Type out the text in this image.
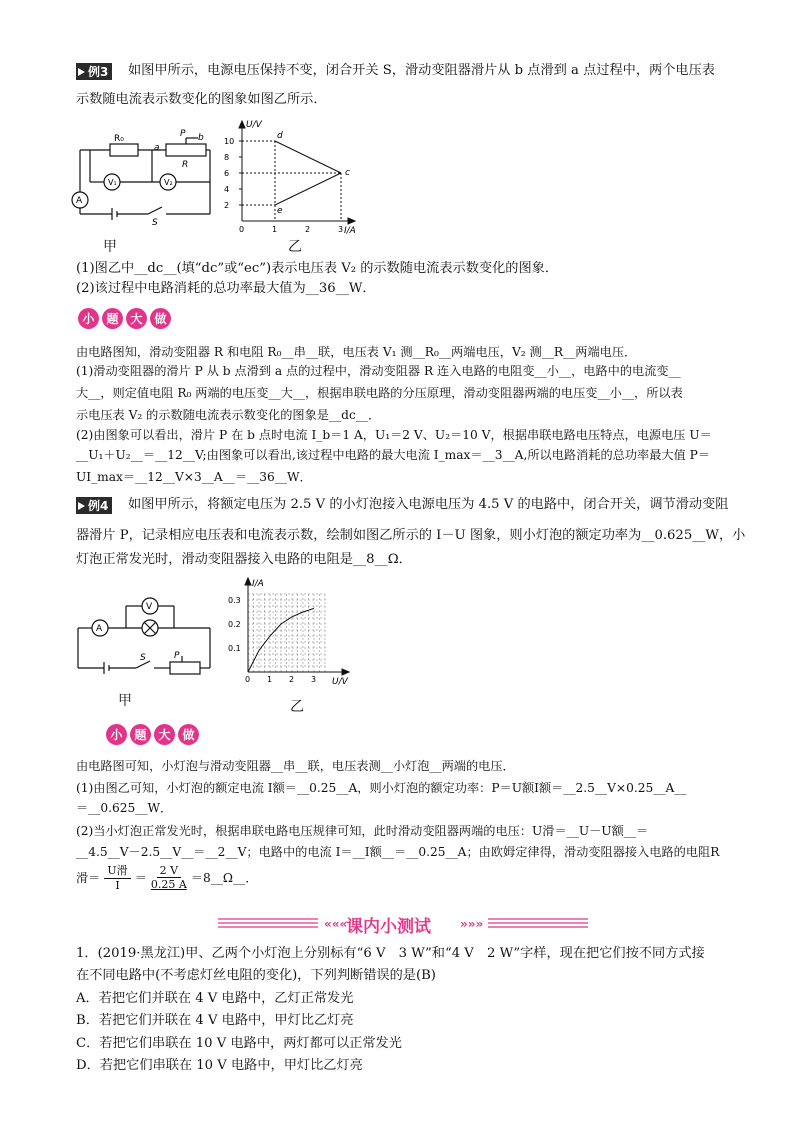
例3 如图甲所示，电源电压保持不变，闭合开关 S，滑动变阻器滑片从 b 点滑到 a 点过程中，两个电压表
示数随电流表示数变化的图象如图乙所示．
R₀
a
P b
R
V₁	V₂
A
S
甲
10
8
6
4
2
0	1	2	3
d
c
e
U/V
I/A
乙
(1)图乙中__dc__(填“dc”或“ec”)表示电压表 V₂ 的示数随电流表示数变化的图象．
(2)该过程中电路消耗的总功率最大值为__36__W．
小 题 大 做
由电路图知，滑动变阻器 R 和电阻 R₀__串__联，电压表 V₁ 测__R₀__两端电压，V₂ 测__R__两端电压．
(1)滑动变阻器的滑片 P 从 b 点滑到 a 点的过程中，滑动变阻器 R 连入电路的电阻变__小__，电路中的电流变__
大__，则定值电阻 R₀ 两端的电压变__大__，根据串联电路的分压原理，滑动变阻器两端的电压变__小__，所以表
示电压表 V₂ 的示数随电流表示数变化的图象是__dc__．
(2)由图象可以看出，滑片 P 在 b 点时电流 I_b＝1 A，U₁＝2 V、U₂＝10 V，根据串联电路电压特点，电源电压 U＝
__U₁＋U₂__＝__12__V;由图象可以看出,该过程中电路的最大电流 I_max＝__3__A,所以电路消耗的总功率最大值 P＝
UI_max＝__12__V×3__A__＝__36__W．
例4 如图甲所示，将额定电压为 2.5 V 的小灯泡接入电源电压为 4.5 V 的电路中，闭合开关，调节滑动变阻
器滑片 P，记录相应电压表和电流表示数，绘制如图乙所示的 I－U 图象，则小灯泡的额定功率为__0.625__W，小
灯泡正常发光时，滑动变阻器接入电路的电阻是__8__Ω．
A
V
S	P
甲
0.3
0.2
0.1
0 1 2 3
I/A
U/V
乙
小 题 大 做
由电路图可知，小灯泡与滑动变阻器__串__联，电压表测__小灯泡__两端的电压．
(1)由图乙可知，小灯泡的额定电流 I额＝__0.25__A，则小灯泡的额定功率：P＝U额I额＝__2.5__V×0.25__A__
＝__0.625__W．
(2)当小灯泡正常发光时，根据串联电路电压规律可知，此时滑动变阻器两端的电压：U滑＝__U－U额__＝
__4.5__V－2.5__V__＝__2__V；电路中的电流 I＝__I额__＝__0.25__A；由欧姆定律得，滑动变阻器接入电路的电阻R
滑＝ U滑
I
＝
2 V
0.25 A ＝8__Ω__．
«««	»»»
课内小测试
1．(2019·黑龙江)甲、乙两个小灯泡上分别标有“6 V　3 W”和“4 V　2 W”字样，现在把它们按不同方式接
在不同电路中(不考虑灯丝电阻的变化)，下列判断错误的是(B)
A．若把它们并联在 4 V 电路中，乙灯正常发光
B．若把它们并联在 4 V 电路中，甲灯比乙灯亮
C．若把它们串联在 10 V 电路中，两灯都可以正常发光
D．若把它们串联在 10 V 电路中，甲灯比乙灯亮
